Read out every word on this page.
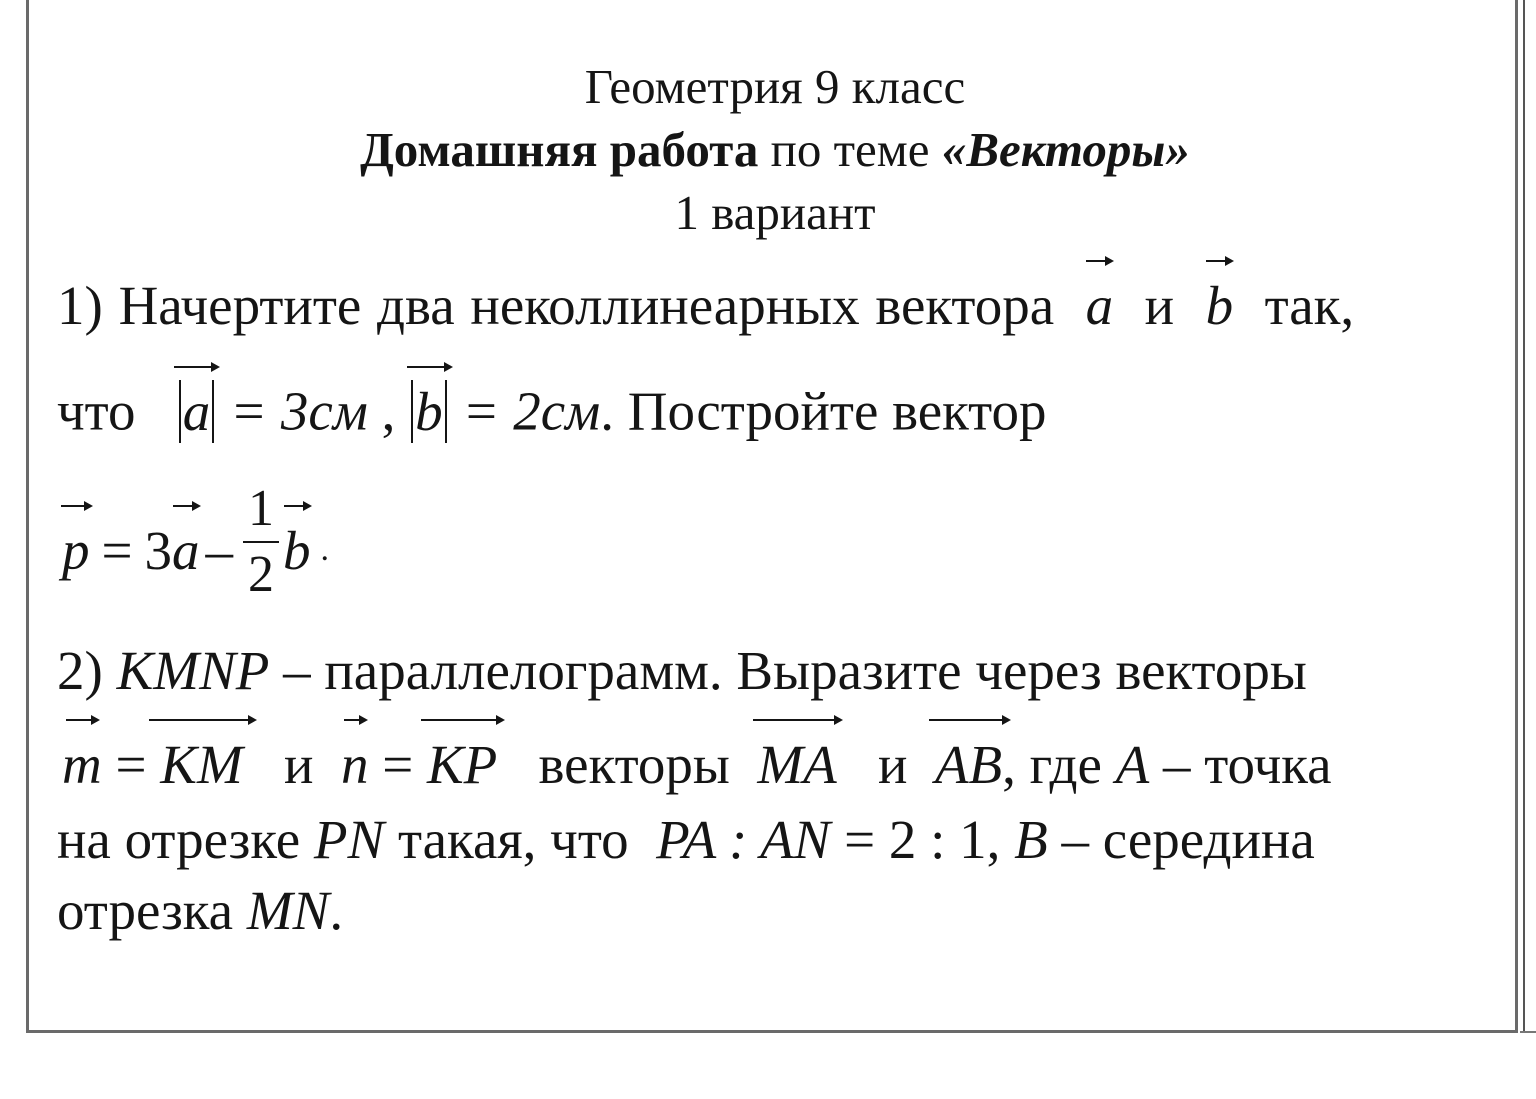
Геометрия 9 класс
Домашняя работа по теме «Векторы»
1 вариант
1) Начертите два неколлинеарных вектора a и b так,
что a = 3см , b = 2см. Постройте вектор
p = 3 a – $\frac{1}{2}$ b .
2) KMNP – параллелограмм. Выразите через векторы
m = KM и n = KP векторы MA и AB, где A – точка
на отрезке PN такая, что PA : AN = 2 : 1, B – середина
отрезка MN.
